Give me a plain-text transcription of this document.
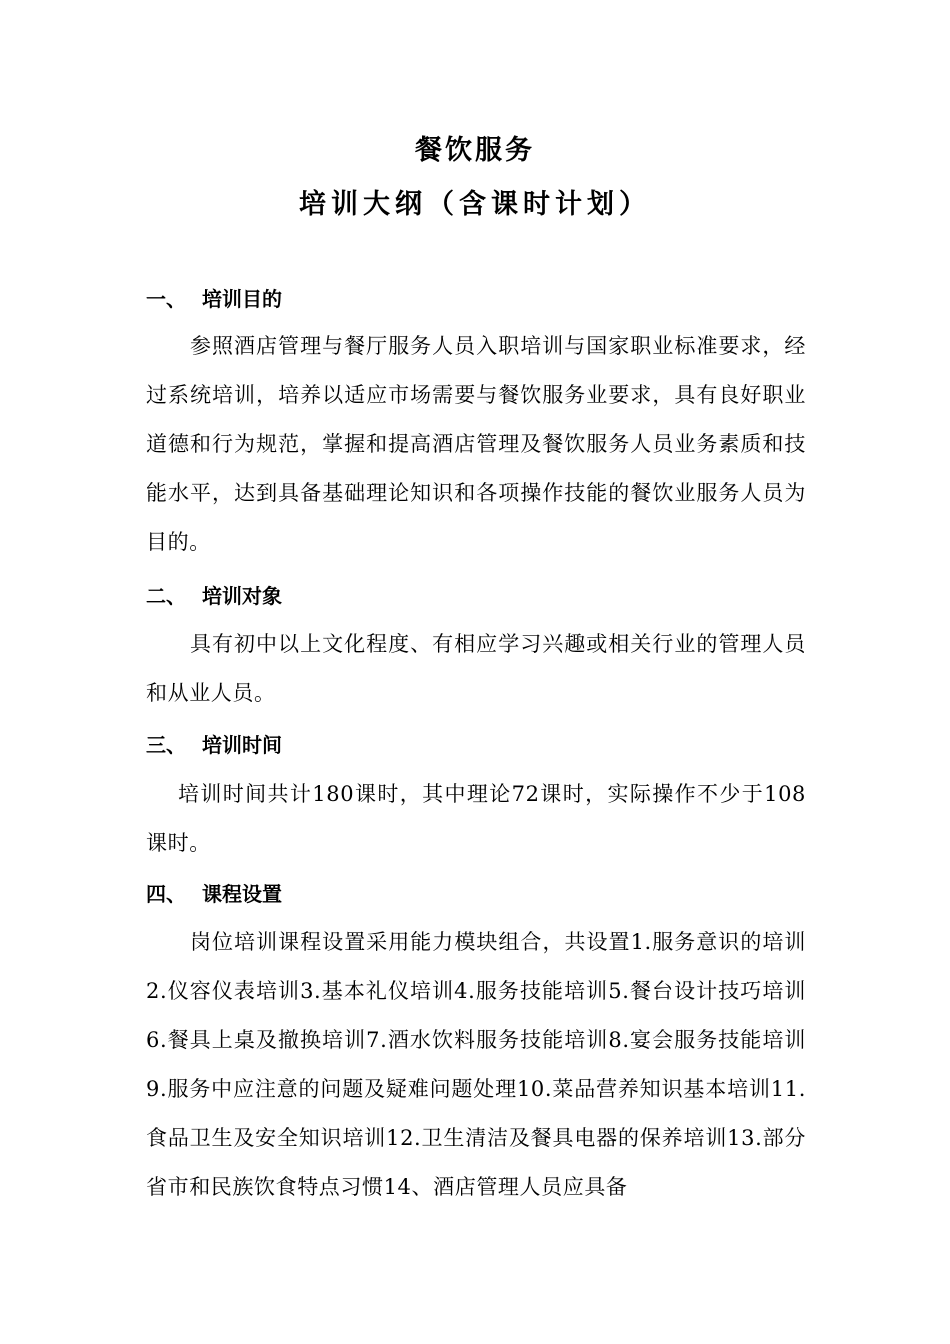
餐饮服务
培训大纲（含课时计划）
一、 培训目的

参照酒店管理与餐厅服务人员入职培训与国家职业标准要求，经过系统培训，培养以适应市场需要与餐饮服务业要求，具有良好职业道德和行为规范，掌握和提高酒店管理及餐饮服务人员业务素质和技能水平，达到具备基础理论知识和各项操作技能的餐饮业服务人员为目的。

二、 培训对象

具有初中以上文化程度、有相应学习兴趣或相关行业的管理人员和从业人员。

三、 培训时间

培训时间共计180课时，其中理论72课时，实际操作不少于108课时。

四、 课程设置

岗位培训课程设置采用能力模块组合，共设置1.服务意识的培训2.仪容仪表培训3.基本礼仪培训4.服务技能培训5.餐台设计技巧培训6.餐具上桌及撤换培训7.酒水饮料服务技能培训8.宴会服务技能培训9.服务中应注意的问题及疑难问题处理10.菜品营养知识基本培训11.食品卫生及安全知识培训12.卫生清洁及餐具电器的保养培训13.部分省市和民族饮食特点习惯14、酒店管理人员应具备
